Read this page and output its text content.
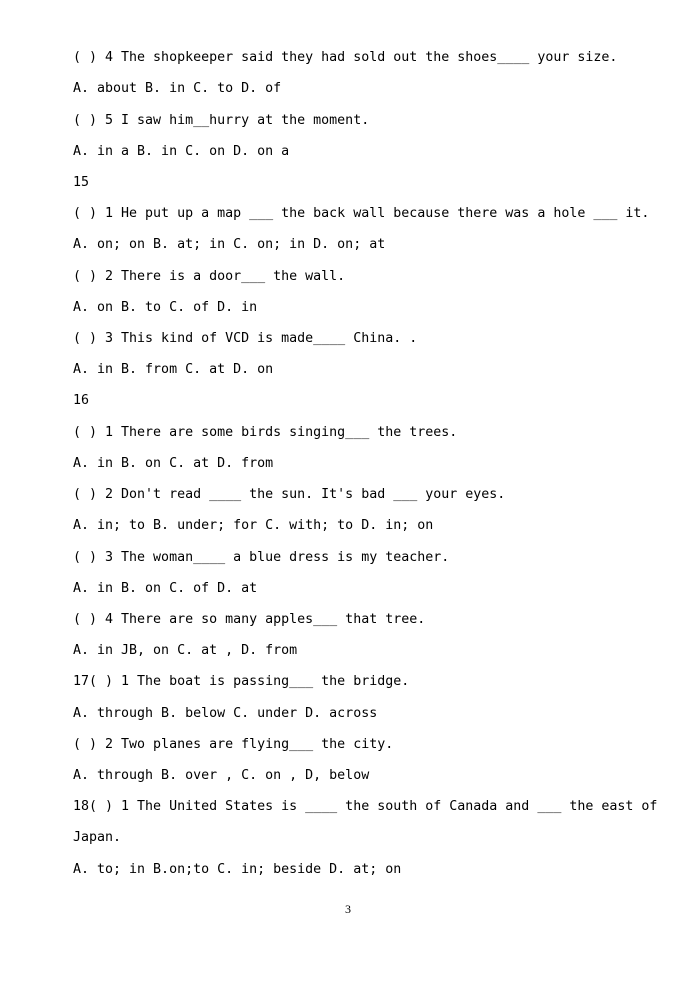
( ) 4 The shopkeeper said they had sold out the shoes____ your size.
A. about B. in C. to D. of
( ) 5 I saw him__hurry at the moment.
A. in a B. in C. on D. on a
15
( ) 1 He put up a map ___ the back wall because there was a hole ___ it.
A. on; on B. at; in C. on; in D. on; at
( ) 2 There is a door___ the wall.
A. on B. to C. of D. in
( ) 3 This kind of VCD is made____ China. .
A. in B. from C. at D. on
16
( ) 1 There are some birds singing___ the trees.
A. in B. on C. at D. from
( ) 2 Don't read ____ the sun. It's bad ___ your eyes.
A. in; to B. under; for C. with; to D. in; on
( ) 3 The woman____ a blue dress is my teacher.
A. in B. on C. of D. at
( ) 4 There are so many apples___ that tree.
A. in JB, on C. at , D. from
17( ) 1 The boat is passing___ the bridge.
A. through B. below C. under D. across
( ) 2 Two planes are flying___ the city.
A. through B. over , C. on , D, below
18( ) 1 The United States is ____ the south of Canada and ___ the east of
Japan.
A. to; in B.on;to C. in; beside D. at; on
3
